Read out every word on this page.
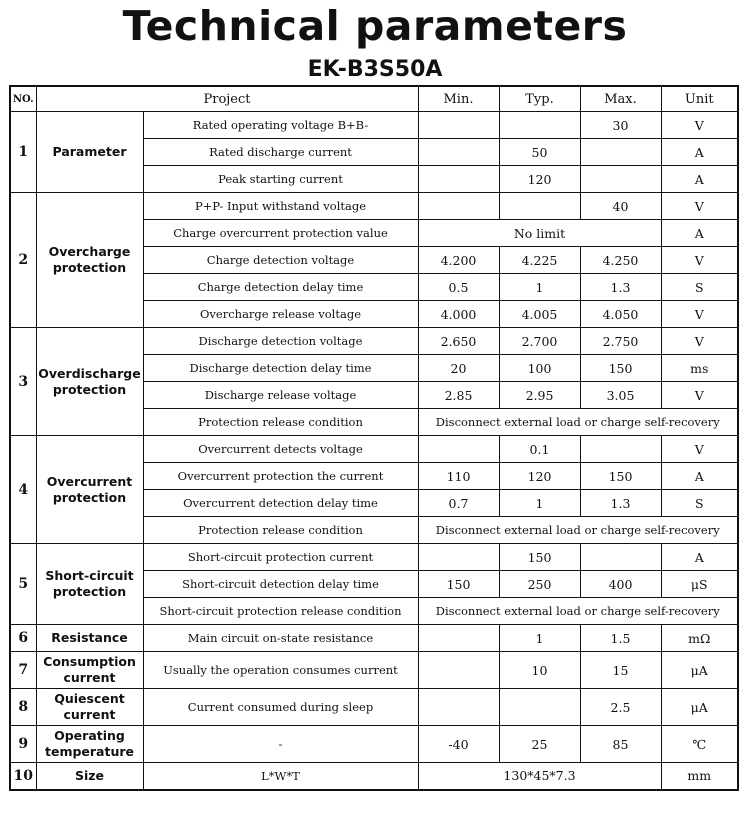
Technical parameters
EK-B3S50A
NO.	Project		Min.	Typ.	Max.	Unit
1	Parameter	Rated operating voltage B+B-			30	V
		Rated discharge current		50		A
		Peak starting current		120		A
2	Overcharge protection	P+P- Input withstand voltage			40	V
		Charge overcurrent protection value	No limit			A
		Charge detection voltage	4.200	4.225	4.250	V
		Charge detection delay time	0.5	1	1.3	S
		Overcharge release voltage	4.000	4.005	4.050	V
3	Overdischarge protection	Discharge detection voltage	2.650	2.700	2.750	V
		Discharge detection delay time	20	100	150	ms
		Discharge release voltage	2.85	2.95	3.05	V
		Protection release condition	Disconnect external load or charge self-recovery			
4	Overcurrent protection	Overcurrent detects voltage		0.1		V
		Overcurrent protection the current	110	120	150	A
		Overcurrent detection delay time	0.7	1	1.3	S
		Protection release condition	Disconnect external load or charge self-recovery			
5	Short-circuit protection	Short-circuit protection current		150		A
		Short-circuit detection delay time	150	250	400	μS
		Short-circuit protection release condition	Disconnect external load or charge self-recovery			
6	Resistance	Main circuit on-state resistance		1	1.5	mΩ
7	Consumption current	Usually the operation consumes current		10	15	μA
8	Quiescent current	Current consumed during sleep			2.5	μA
9	Operating temperature	-	-40	25	85	℃
10	Size	L*W*T	130*45*7.3			mm
